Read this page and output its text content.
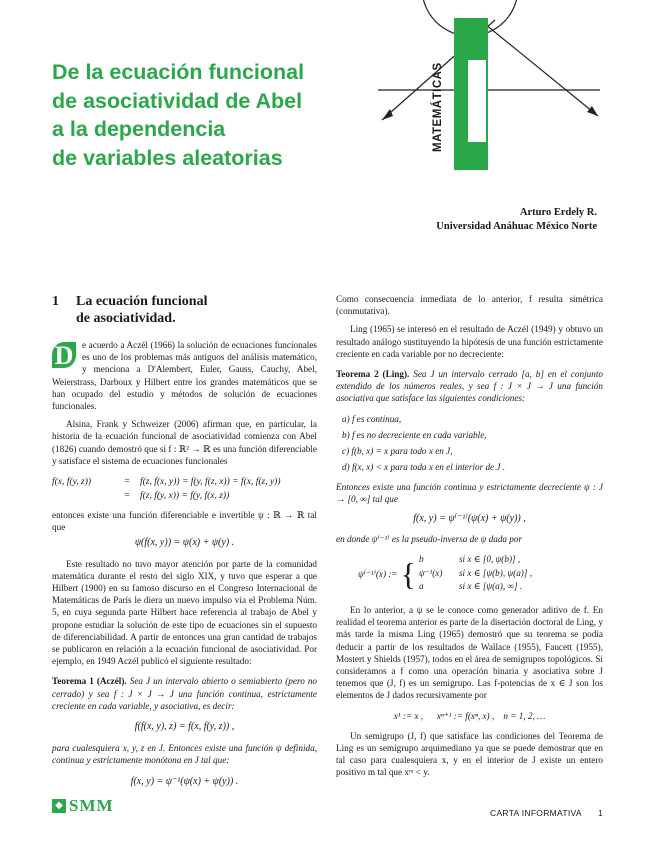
MATEMÁTICAS
De la ecuación funcional
de asociatividad de Abel
a la dependencia
de variables aleatorias
Arturo Erdely R.
Universidad Anáhuac México Norte
1 La ecuación funcional
de asociatividad.

D e acuerdo a Aczél (1966) la solución de ecuaciones funcionales es uno de los problemas más antiguos del análisis matemático, y menciona a D'Alembert, Euler, Gauss, Cauchy, Abel, Weierstrass, Darboux y Hilbert entre los grandes matemáticos que se han ocupado del estudio y métodos de solución de ecuaciones funcionales.

Alsina, Frank y Schweizer (2006) afirman que, en particular, la historia de la ecuación funcional de asociatividad comienza con Abel (1826) cuando demostró que si f : ℝ² → ℝ es una función diferenciable y satisface el sistema de ecuaciones funcionales

f(x, f(y, z))	=	f(z, f(x, y)) = f(y, f(z, x)) = f(x, f(z, y))
=	f(z, f(y, x)) = f(y, f(x, z))

entonces existe una función diferenciable e invertible ψ : ℝ → ℝ tal que

ψ(f(x, y)) = ψ(x) + ψ(y) .

Este resultado no tuvo mayor atención por parte de la comunidad matemática durante el resto del siglo XIX, y tuvo que esperar a que Hilbert (1900) en su famoso discurso en el Congreso Internacional de Matemáticas de París le diera un nuevo impulso vía el Problema Núm. 5, en cuya segunda parte Hilbert hace referencia al trabajo de Abel y propone estudiar la solución de este tipo de ecuaciones sin el supuesto de diferenciabilidad. A partir de entonces una gran cantidad de trabajos se publicaron en relación a la ecuación funcional de asociatividad. Por ejemplo, en 1949 Aczél publicó el siguiente resultado:

Teorema 1 (Aczél). Sea J un intervalo abierto o semiabierto (pero no cerrado) y sea f : J × J → J una función continua, estrictamente creciente en cada variable, y asociativa, es decir:

f(f(x, y), z) = f(x, f(y, z)) ,

para cualesquiera x, y, z en J. Entonces existe una función ψ definida, continua y estrictamente monótona en J tal que:

f(x, y) = ψ⁻¹(ψ(x) + ψ(y)) .

Como consecuencia inmediata de lo anterior, f resulta simétrica (conmutativa).

Ling (1965) se interesó en el resultado de Aczél (1949) y obtuvo un resultado análogo sustituyendo la hipótesis de una función estrictamente creciente en cada variable por no decreciente:

Teorema 2 (Ling). Sea J un intervalo cerrado [a, b] en el conjunto extendido de los números reales, y sea f : J × J → J una función asociativa que satisface las siguientes condiciones:

a) f es continua,
b) f es no decreciente en cada variable,
c) f(b, x) = x para todo x en J,
d) f(x, x) < x para toda x en el interior de J .

Entonces existe una función continua y estrictamente decreciente ψ : J → [0, ∞] tal que

f(x, y) = ψ⁽⁻¹⁾(ψ(x) + ψ(y)) ,

en donde ψ⁽⁻¹⁾ es la pseudo-inversa de ψ dada por

ψ⁽⁻¹⁾(x) := { b	si x ∈ [0, ψ(b)] ,
ψ⁻¹(x)	si x ∈ [ψ(b), ψ(a)] ,
a	si x ∈ [ψ(a), ∞] .

En lo anterior, a ψ se le conoce como generador aditivo de f. En realidad el teorema anterior es parte de la disertación doctoral de Ling, y más tarde la misma Ling (1965) demostró que su teorema se podía deducir a partir de los resultados de Wallace (1955), Faucett (1955), Mostert y Shields (1957), todos en el área de semigrupos topológicos. Si consideramos a f como una operación binaria y asociativa sobre J tenemos que (J, f) es un semigrupo. Las f-potencias de x ∈ J son los elementos de J dados recursivamente por

x¹ := x ,      xⁿ⁺¹ := f(xⁿ, x) ,    n = 1, 2, …

Un semigrupo (J, f) que satisface las condiciones del Teorema de Ling es un semigrupo arquimediano ya que se puede demostrar que en tal caso para cualesquiera x, y en el interior de J existe un entero positivo m tal que xᵐ < y.

◆ SMM	CARTA INFORMATIVA 1
